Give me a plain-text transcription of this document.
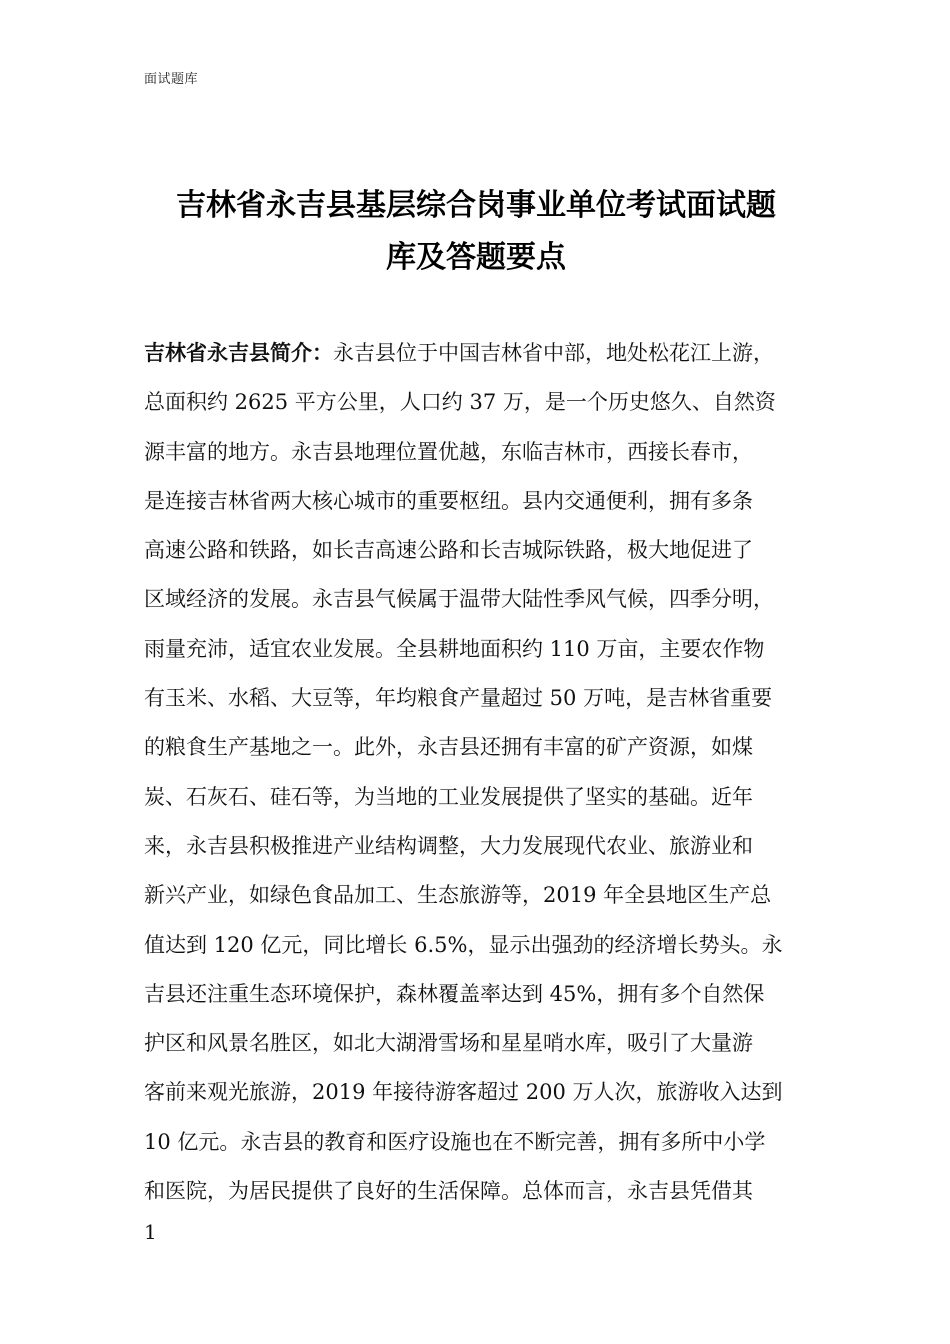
面试题库
吉林省永吉县基层综合岗事业单位考试面试题
库及答题要点
吉林省永吉县简介：永吉县位于中国吉林省中部，地处松花江上游，
总面积约 2625 平方公里，人口约 37 万，是一个历史悠久、自然资
源丰富的地方。永吉县地理位置优越，东临吉林市，西接长春市，
是连接吉林省两大核心城市的重要枢纽。县内交通便利，拥有多条
高速公路和铁路，如长吉高速公路和长吉城际铁路，极大地促进了
区域经济的发展。永吉县气候属于温带大陆性季风气候，四季分明，
雨量充沛，适宜农业发展。全县耕地面积约 110 万亩，主要农作物
有玉米、水稻、大豆等，年均粮食产量超过 50 万吨，是吉林省重要
的粮食生产基地之一。此外，永吉县还拥有丰富的矿产资源，如煤
炭、石灰石、硅石等，为当地的工业发展提供了坚实的基础。近年
来，永吉县积极推进产业结构调整，大力发展现代农业、旅游业和
新兴产业，如绿色食品加工、生态旅游等，2019 年全县地区生产总
值达到 120 亿元，同比增长 6.5%，显示出强劲的经济增长势头。永
吉县还注重生态环境保护，森林覆盖率达到 45%，拥有多个自然保
护区和风景名胜区，如北大湖滑雪场和星星哨水库，吸引了大量游
客前来观光旅游，2019 年接待游客超过 200 万人次，旅游收入达到
10 亿元。永吉县的教育和医疗设施也在不断完善，拥有多所中小学
和医院，为居民提供了良好的生活保障。总体而言，永吉县凭借其
1
